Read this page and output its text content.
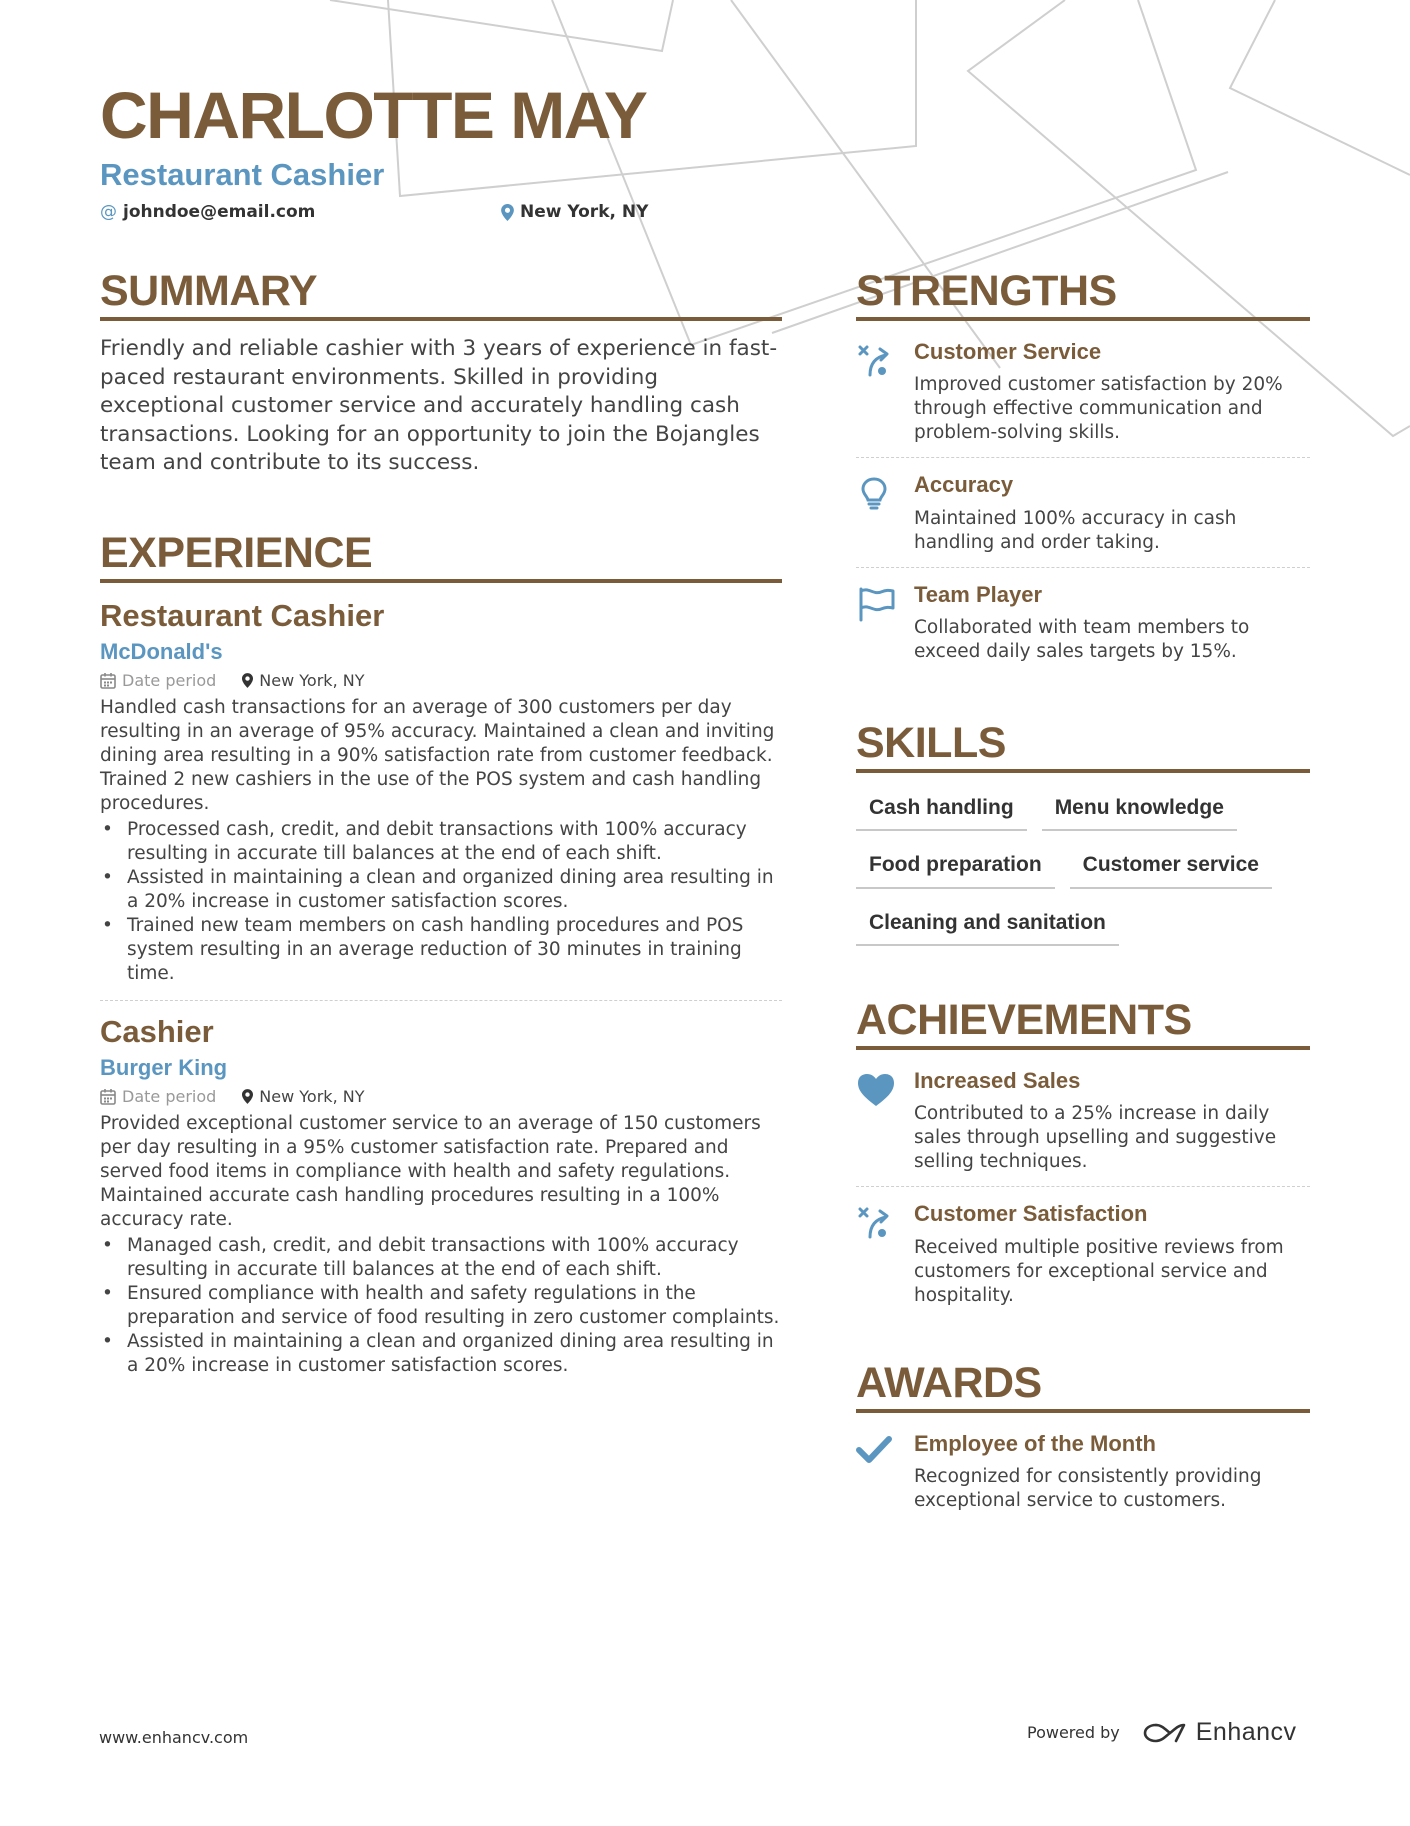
CHARLOTTE MAY
Restaurant Cashier
@ johndoe@email.com	New York, NY
SUMMARY

Friendly and reliable cashier with 3 years of experience in fast-paced restaurant environments. Skilled in providing exceptional customer service and accurately handling cash transactions. Looking for an opportunity to join the Bojangles team and contribute to its success.

EXPERIENCE
Restaurant Cashier
McDonald's
Date period	New York, NY

Handled cash transactions for an average of 300 customers per day resulting in an average of 95% accuracy. Maintained a clean and inviting dining area resulting in a 90% satisfaction rate from customer feedback. Trained 2 new cashiers in the use of the POS system and cash handling procedures.

• Processed cash, credit, and debit transactions with 100% accuracy resulting in accurate till balances at the end of each shift.
• Assisted in maintaining a clean and organized dining area resulting in a 20% increase in customer satisfaction scores.
• Trained new team members on cash handling procedures and POS system resulting in an average reduction of 30 minutes in training time.
Cashier
Burger King
Date period	New York, NY

Provided exceptional customer service to an average of 150 customers per day resulting in a 95% customer satisfaction rate. Prepared and served food items in compliance with health and safety regulations. Maintained accurate cash handling procedures resulting in a 100% accuracy rate.

• Managed cash, credit, and debit transactions with 100% accuracy resulting in accurate till balances at the end of each shift.
• Ensured compliance with health and safety regulations in the preparation and service of food resulting in zero customer complaints.
• Assisted in maintaining a clean and organized dining area resulting in a 20% increase in customer satisfaction scores.
STRENGTHS
Customer Service

Improved customer satisfaction by 20% through effective communication and problem-solving skills.

Accuracy

Maintained 100% accuracy in cash handling and order taking.

Team Player

Collaborated with team members to exceed daily sales targets by 15%.

SKILLS
Cash handling	Menu knowledge
Food preparation	Customer service
Cleaning and sanitation
ACHIEVEMENTS
Increased Sales

Contributed to a 25% increase in daily sales through upselling and suggestive selling techniques.

Customer Satisfaction

Received multiple positive reviews from customers for exceptional service and hospitality.

AWARDS
Employee of the Month

Recognized for consistently providing exceptional service to customers.

www.enhancv.com	Powered by	Enhancv
